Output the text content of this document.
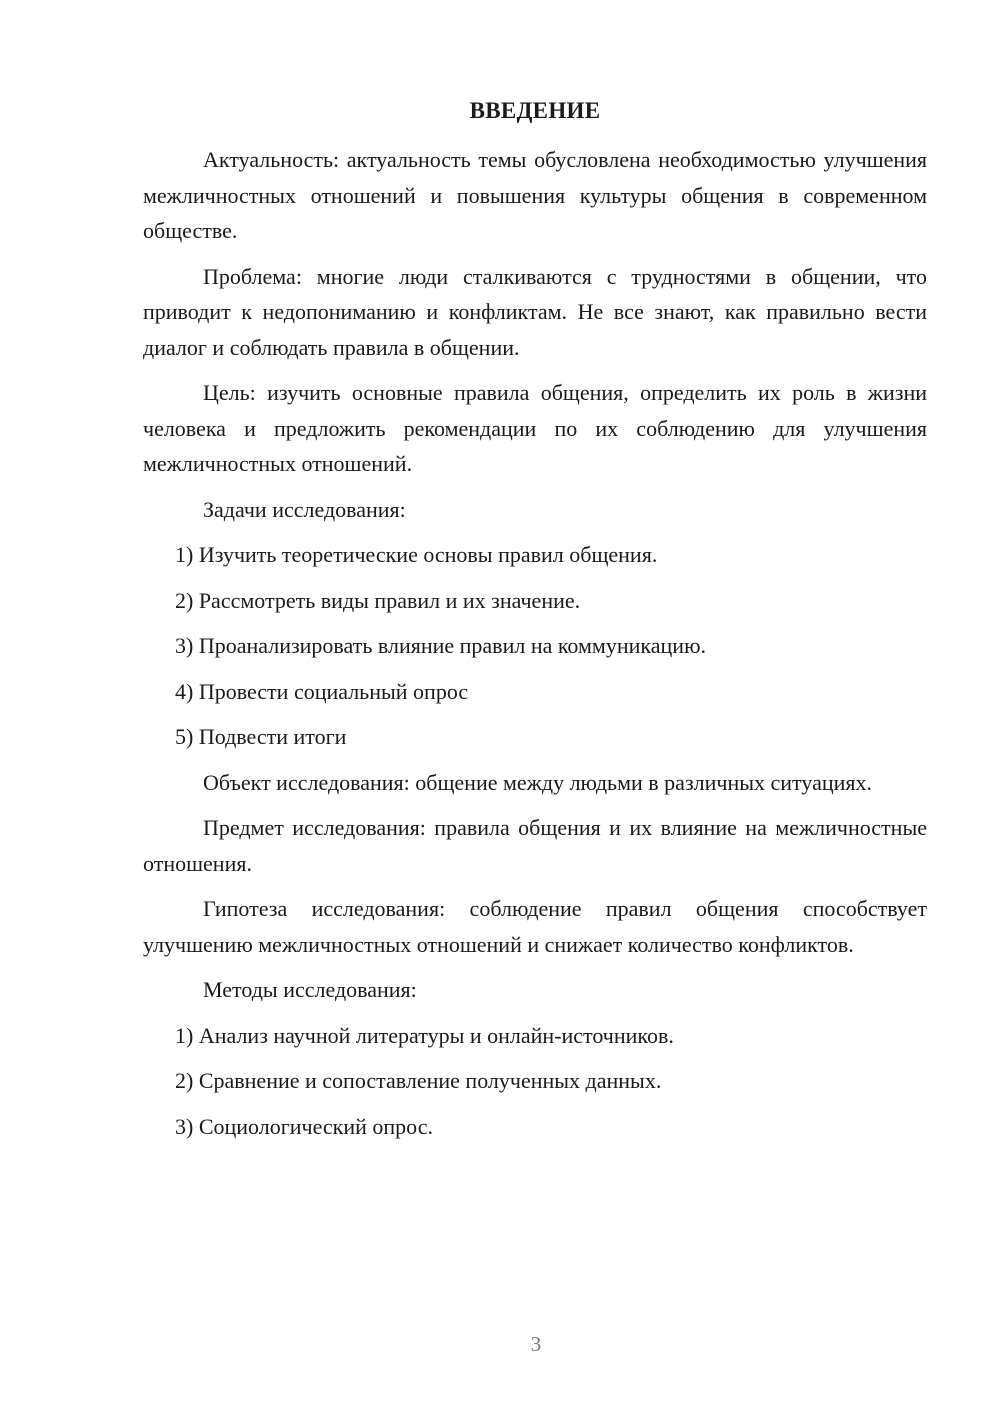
ВВЕДЕНИЕ

Актуальность: актуальность темы обусловлена необходимостью улучшения межличностных отношений и повышения культуры общения в современном обществе.

Проблема: многие люди сталкиваются с трудностями в общении, что приводит к недопониманию и конфликтам. Не все знают, как правильно вести диалог и соблюдать правила в общении.

Цель: изучить основные правила общения, определить их роль в жизни человека и предложить рекомендации по их соблюдению для улучшения межличностных отношений.

Задачи исследования:

1) Изучить теоретические основы правил общения.

2) Рассмотреть виды правил и их значение.

3) Проанализировать влияние правил на коммуникацию.

4) Провести социальный опрос

5) Подвести итоги

Объект исследования: общение между людьми в различных ситуациях.

Предмет исследования: правила общения и их влияние на межличностные отношения.

Гипотеза исследования: соблюдение правил общения способствует улучшению межличностных отношений и снижает количество конфликтов.

Методы исследования:

1) Анализ научной литературы и онлайн-источников.

2) Сравнение и сопоставление полученных данных.

3) Социологический опрос.

3
